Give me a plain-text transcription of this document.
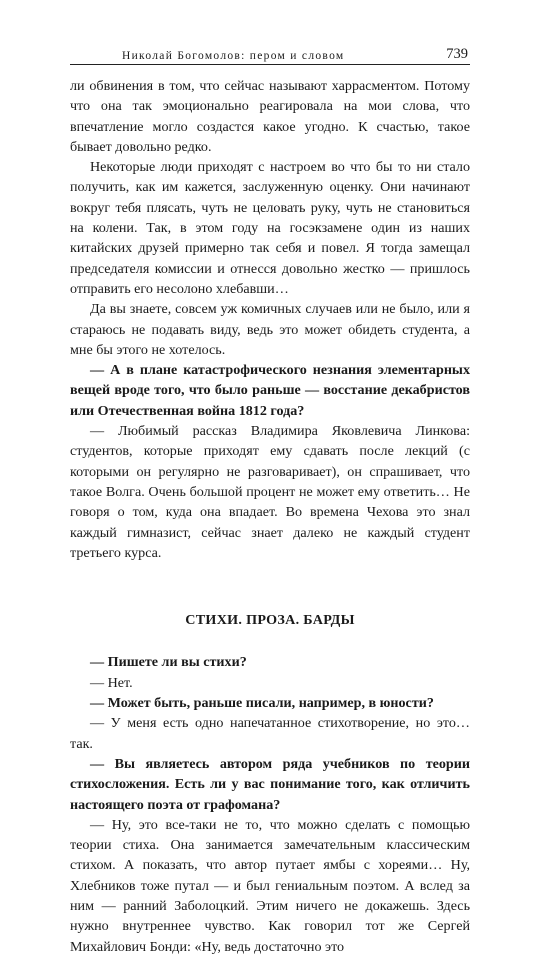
Николай Богомолов: пером и словом	739

ли обвинения в том, что сейчас называют харрасментом. Потому что она так эмоционально реагировала на мои слова, что впечатление могло создастся какое угодно. К счастью, такое бывает довольно редко.

Некоторые люди приходят с настроем во что бы то ни стало получить, как им кажется, заслуженную оценку. Они начинают вокруг тебя плясать, чуть не целовать руку, чуть не становиться на колени. Так, в этом году на госэкзамене один из наших китайских друзей примерно так себя и повел. Я тогда замещал председателя комиссии и отнесся довольно жестко — пришлось отправить его несолоно хлебавши…

Да вы знаете, совсем уж комичных случаев или не было, или я стараюсь не подавать виду, ведь это может обидеть студента, а мне бы этого не хотелось.

— А в плане катастрофического незнания элементарных вещей вроде того, что было раньше — восстание декабристов или Отечественная война 1812 года?

— Любимый рассказ Владимира Яковлевича Линкова: студентов, которые приходят ему сдавать после лекций (с которыми он регулярно не разговаривает), он спрашивает, что такое Волга. Очень большой процент не может ему ответить… Не говоря о том, куда она впадает. Во времена Чехова это знал каждый гимназист, сейчас знает далеко не каждый студент третьего курса.

СТИХИ. ПРОЗА. БАРДЫ

— Пишете ли вы стихи?

— Нет.

— Может быть, раньше писали, например, в юности?

— У меня есть одно напечатанное стихотворение, но это… так.

— Вы являетесь автором ряда учебников по теории стихосложения. Есть ли у вас понимание того, как отличить настоящего поэта от графомана?

— Ну, это все-таки не то, что можно сделать с помощью теории стиха. Она занимается замечательным классическим стихом. А показать, что автор путает ямбы с хореями… Ну, Хлебников тоже путал — и был гениальным поэтом. А вслед за ним — ранний Заболоцкий. Этим ничего не докажешь. Здесь нужно внутреннее чувство. Как говорил тот же Сергей Михайлович Бонди: «Ну, ведь достаточно это
